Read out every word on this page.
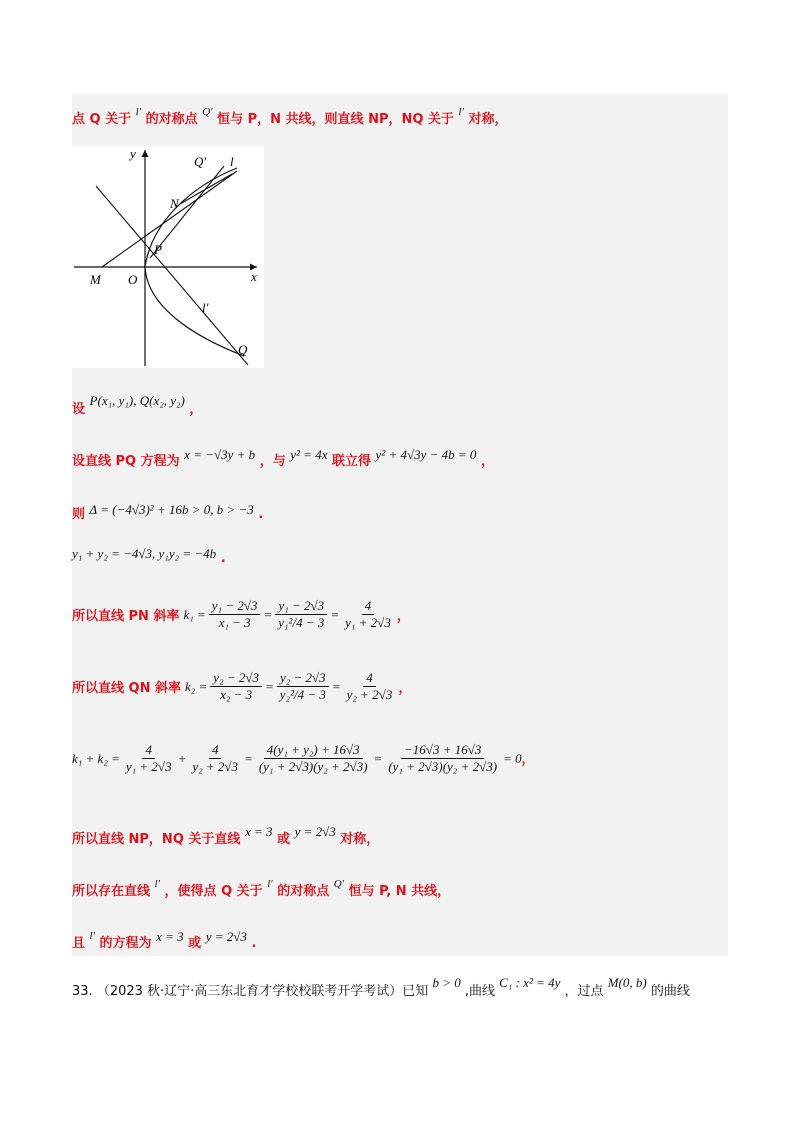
点 Q 关于 $^{l'}$ 的对称点 $^{Q'}$ 恒与 P，N 共线，则直线 NP，NQ 关于 $^{l'}$ 对称，
y
x
O
M
N
P
Q
Q′ l
l′
设 P(x₁, y₁), Q(x₂, y₂) ，
设直线 PQ 方程为 x = −√3y + b ，与 y² = 4x 联立得 y² + 4√3y − 4b = 0 ，
则 Δ = (−4√3)² + 16b > 0, b > −3 .
y₁ + y₂ = −4√3, y₁y₂ = −4b .
所以直线 PN 斜率 $k_1 = \frac{\text{y₁ − 2√3}}{\text{x₁ − 3}} = \frac{\text{y₁ − 2√3}}{\text{y₁²/4 − 3}} = \frac{4}{\text{y₁ + 2√3}}$ ，
所以直线 QN 斜率 $k_2 = \frac{\text{y₂ − 2√3}}{\text{x₂ − 3}} = \frac{\text{y₂ − 2√3}}{\text{y₂²/4 − 3}} = \frac{4}{\text{y₂ + 2√3}}$ ，
$k_1 + k_2 = \frac{4}{\text{y₁ + 2√3}} + \frac{4}{\text{y₂ + 2√3}} = \frac{\text{4(y₁ + y₂) + 16√3}}{\text{(y₁ + 2√3)(y₂ + 2√3)}} = \frac{-16√3 + 16√3}{\text{(y₁ + 2√3)(y₂ + 2√3)}} = 0$ ，
所以直线 NP，NQ 关于直线 x = 3 或 y = 2√3 对称，
所以存在直线 $^{l'}$ ，使得点 Q 关于 $^{l'}$ 的对称点 $^{Q'}$ 恒与 P, N 共线，
且 $^{l'}$ 的方程为 x = 3 或 y = 2√3 .
33. （2023 秋·辽宁·高三东北育才学校校联考开学考试）已知 b > 0 ,曲线 C₁ : x² = 4y ，过点 M(0, b) 的曲线
